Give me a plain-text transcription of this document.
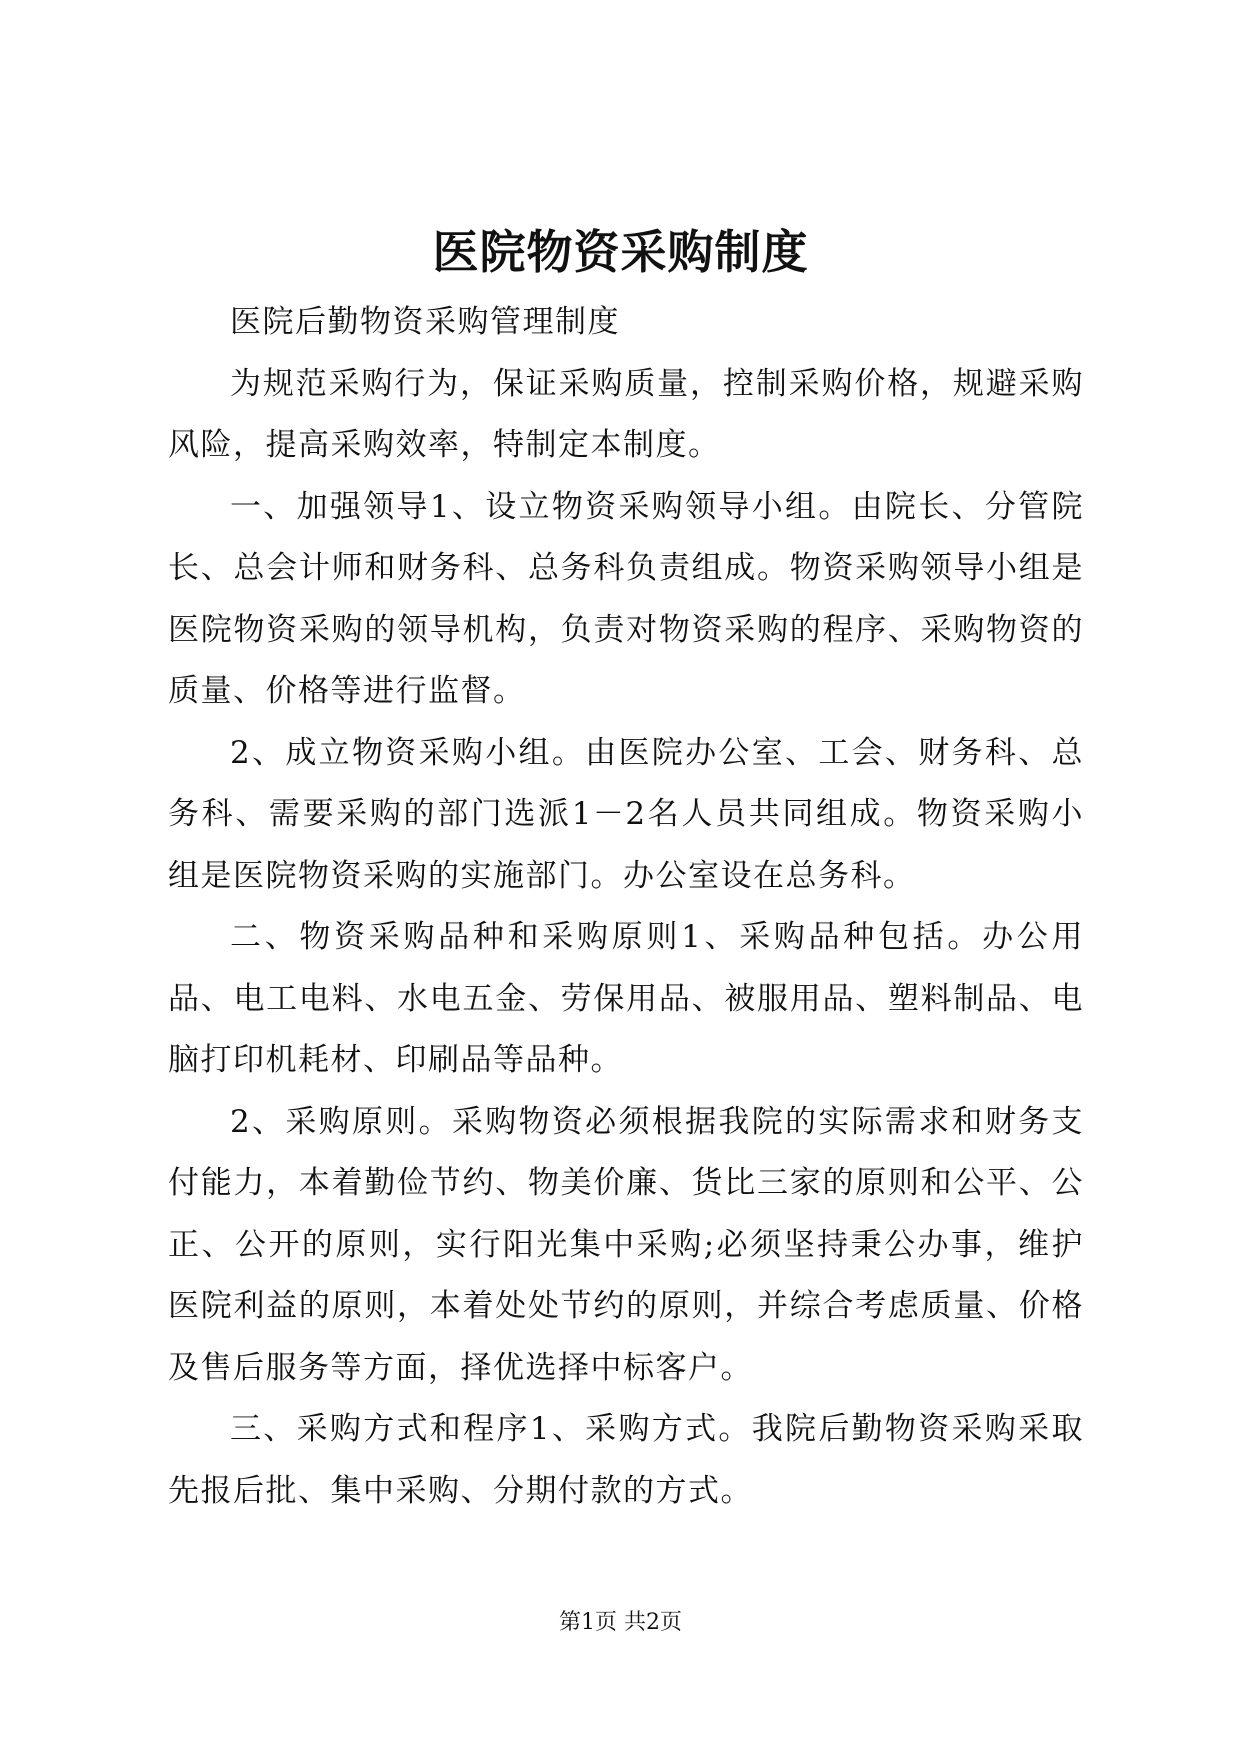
医院物资采购制度

医院后勤物资采购管理制度

为规范采购行为，保证采购质量，控制采购价格，规避采购风险，提高采购效率，特制定本制度。

一、加强领导1、设立物资采购领导小组。由院长、分管院长、总会计师和财务科、总务科负责组成。物资采购领导小组是医院物资采购的领导机构，负责对物资采购的程序、采购物资的质量、价格等进行监督。

2、成立物资采购小组。由医院办公室、工会、财务科、总务科、需要采购的部门选派1－2名人员共同组成。物资采购小组是医院物资采购的实施部门。办公室设在总务科。

二、物资采购品种和采购原则1、采购品种包括。办公用品、电工电料、水电五金、劳保用品、被服用品、塑料制品、电脑打印机耗材、印刷品等品种。

2、采购原则。采购物资必须根据我院的实际需求和财务支付能力，本着勤俭节约、物美价廉、货比三家的原则和公平、公正、公开的原则，实行阳光集中采购;必须坚持秉公办事，维护医院利益的原则，本着处处节约的原则，并综合考虑质量、价格及售后服务等方面，择优选择中标客户。

三、采购方式和程序1、采购方式。我院后勤物资采购采取先报后批、集中采购、分期付款的方式。

第1页 共2页
